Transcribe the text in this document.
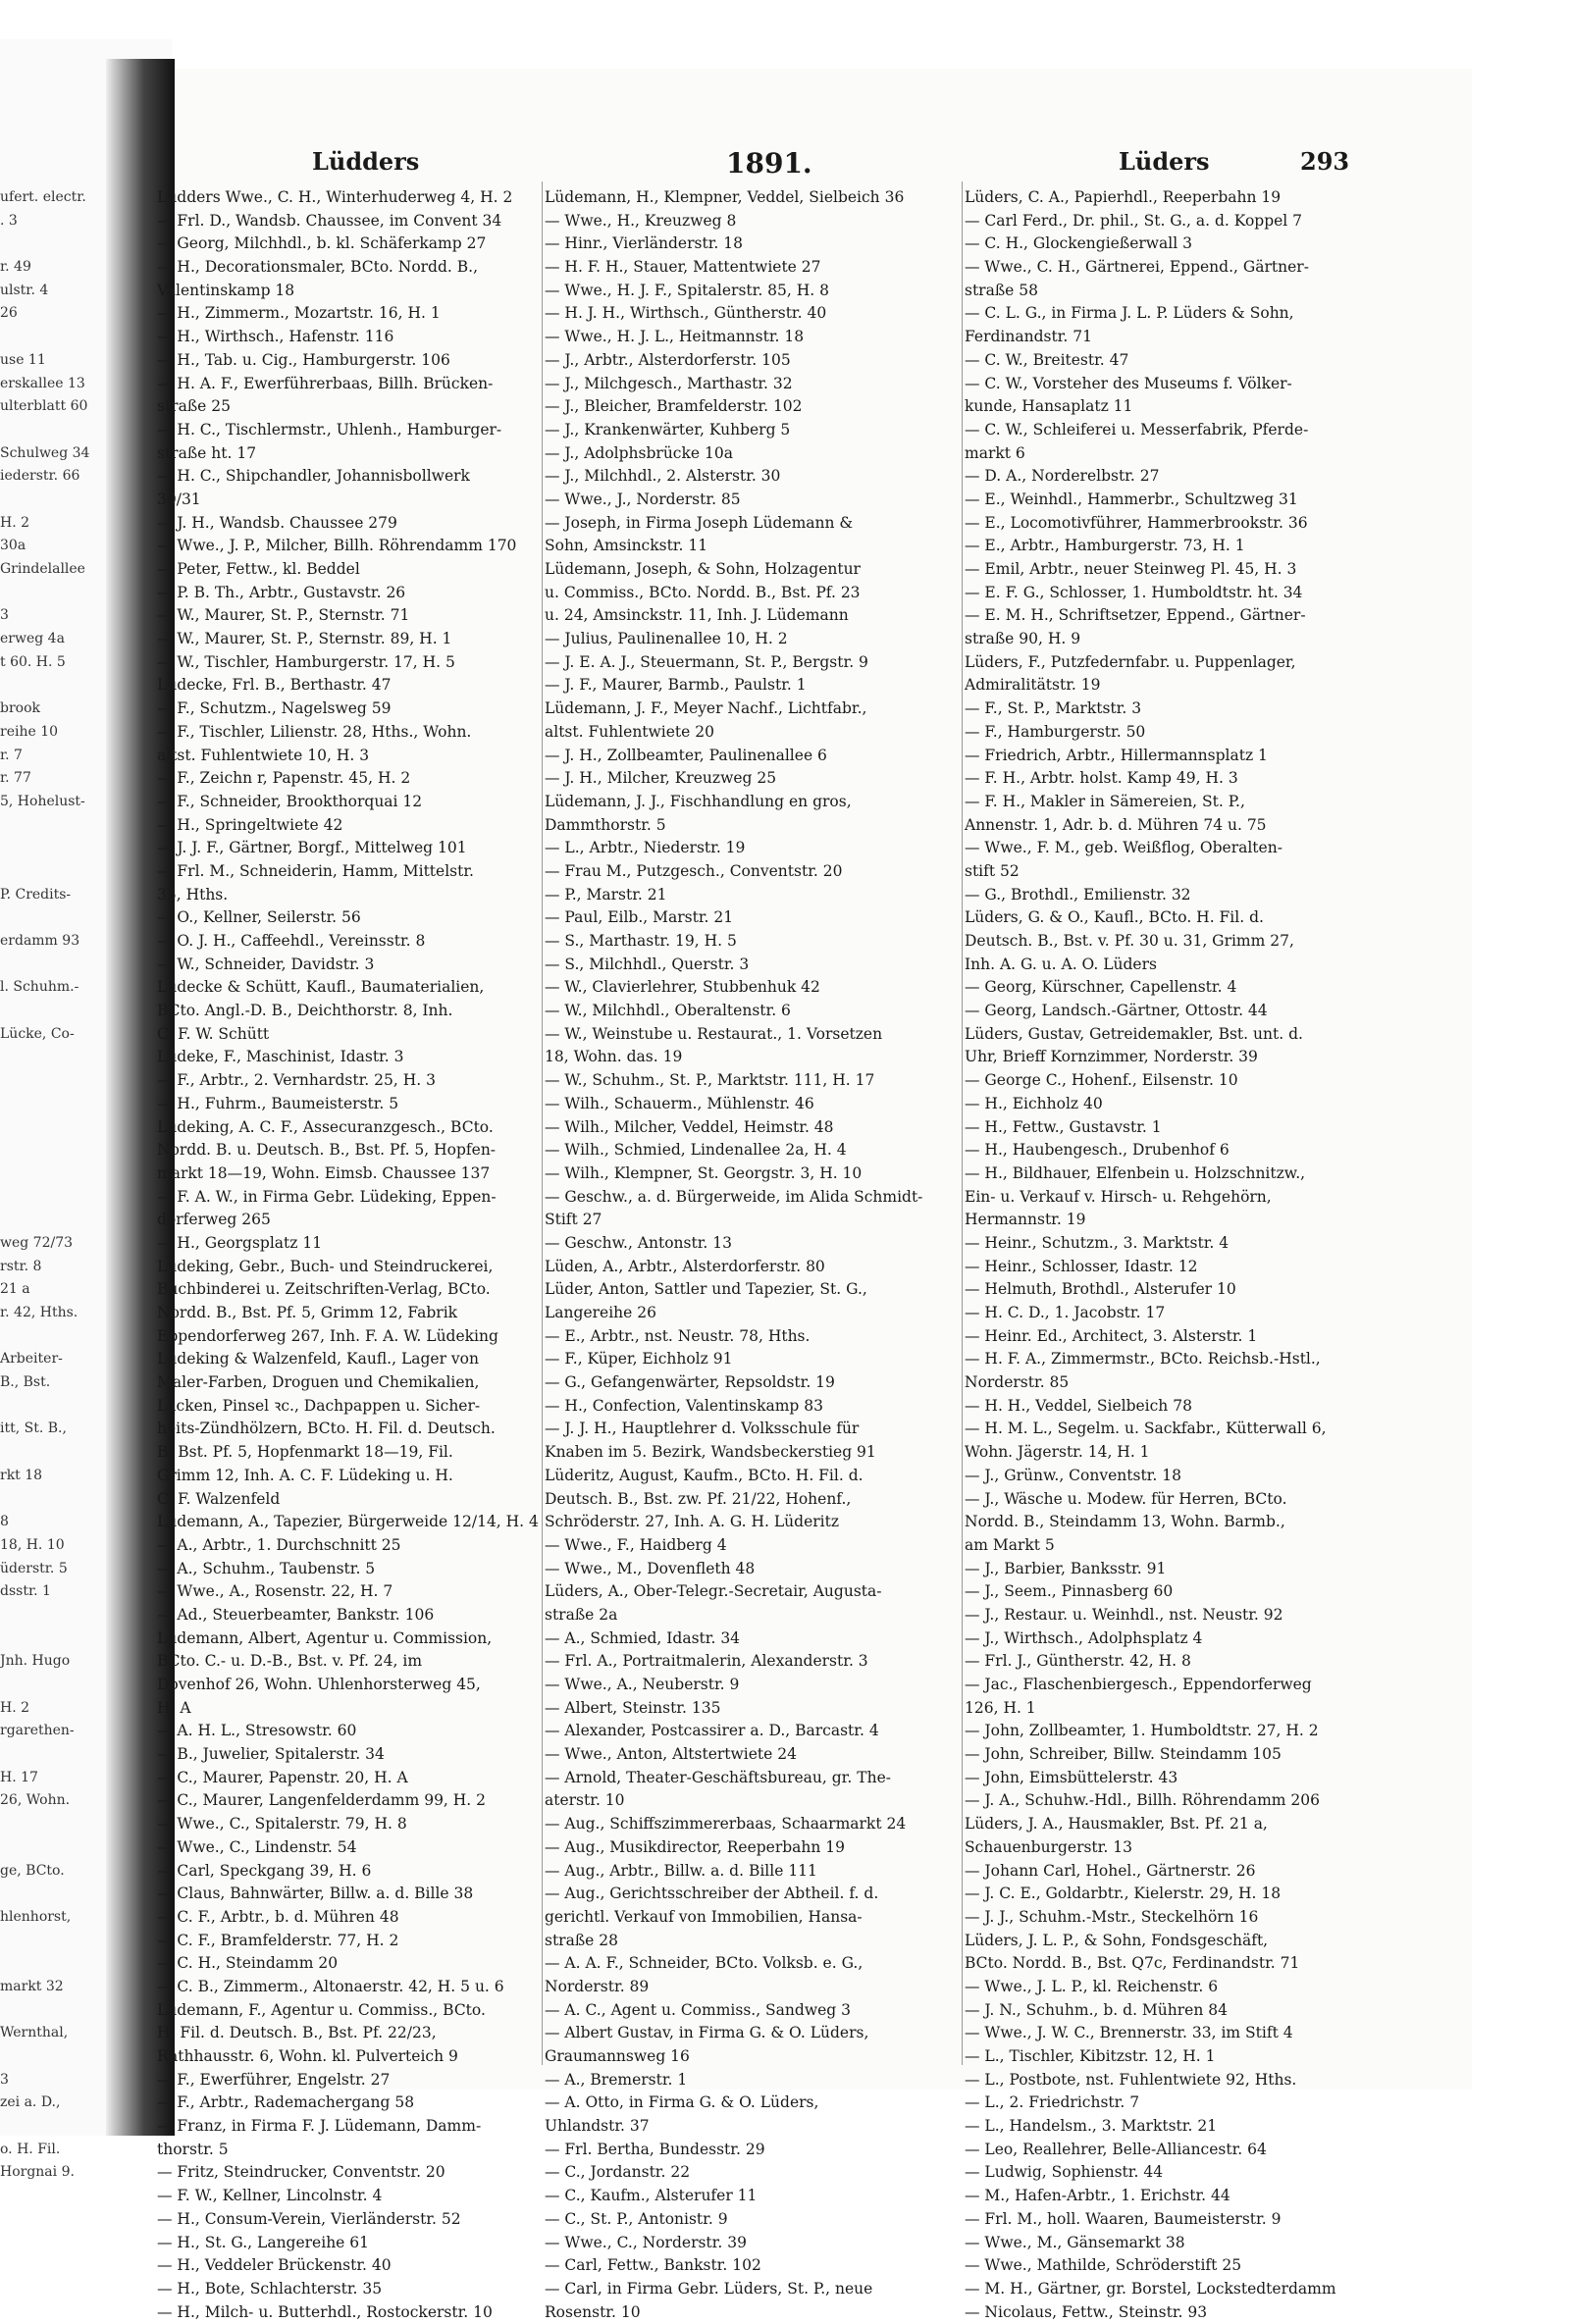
ufert. electr.
. 3
r. 49
ulstr. 4
26
use 11
erskallee 13
ulterblatt 60
Schulweg 34
iederstr. 66
H. 2
30a
Grindelallee
3
erweg 4a
t 60. H. 5
brook
reihe 10
r. 7
r. 77
5, Hohelust-
P. Credits-
erdamm 93
l. Schuhm.-
Lücke, Co-
weg 72/73
rstr. 8
21 a
r. 42, Hths.
Arbeiter-
B., Bst.
itt, St. B.,
rkt 18
8
18, H. 10
üderstr. 5
dsstr. 1
Jnh. Hugo
H. 2
rgarethen-
H. 17
26, Wohn.
ge, BCto.
hlenhorst,
markt 32
Wernthal,
3
zei a. D.,
o. H. Fil.
Horgnai 9.
Lüdders	1891.	Lüders	293
Lüdders Wwe., C. H., Winterhuderweg 4, H. 2
— Frl. D., Wandsb. Chaussee, im Convent 34
— Georg, Milchhdl., b. kl. Schäferkamp 27
— H., Decorationsmaler, BCto. Nordd. B.,
Valentinskamp 18
— H., Zimmerm., Mozartstr. 16, H. 1
— H., Wirthsch., Hafenstr. 116
— H., Tab. u. Cig., Hamburgerstr. 106
— H. A. F., Ewerführerbaas, Billh. Brücken-
straße 25
— H. C., Tischlermstr., Uhlenh., Hamburger-
straße ht. 17
— H. C., Shipchandler, Johannisbollwerk
30/31
— J. H., Wandsb. Chaussee 279
— Wwe., J. P., Milcher, Billh. Röhrendamm 170
— Peter, Fettw., kl. Beddel
— P. B. Th., Arbtr., Gustavstr. 26
— W., Maurer, St. P., Sternstr. 71
— W., Maurer, St. P., Sternstr. 89, H. 1
— W., Tischler, Hamburgerstr. 17, H. 5
Lüdecke, Frl. B., Berthastr. 47
— F., Schutzm., Nagelsweg 59
— F., Tischler, Lilienstr. 28, Hths., Wohn.
altst. Fuhlentwiete 10, H. 3
— F., Zeichn r, Papenstr. 45, H. 2
— F., Schneider, Brookthorquai 12
— H., Springeltwiete 42
— J. J. F., Gärtner, Borgf., Mittelweg 101
— Frl. M., Schneiderin, Hamm, Mittelstr.
35, Hths.
— O., Kellner, Seilerstr. 56
— O. J. H., Caffeehdl., Vereinsstr. 8
— W., Schneider, Davidstr. 3
Lüdecke & Schütt, Kaufl., Baumaterialien,
BCto. Angl.-D. B., Deichthorstr. 8, Inh.
C. F. W. Schütt
Lüdeke, F., Maschinist, Idastr. 3
— F., Arbtr., 2. Vernhardstr. 25, H. 3
— H., Fuhrm., Baumeisterstr. 5
Lüdeking, A. C. F., Assecuranzgesch., BCto.
Nordd. B. u. Deutsch. B., Bst. Pf. 5, Hopfen-
markt 18—19, Wohn. Eimsb. Chaussee 137
— F. A. W., in Firma Gebr. Lüdeking, Eppen-
dorferweg 265
— H., Georgsplatz 11
Lüdeking, Gebr., Buch- und Steindruckerei,
Buchbinderei u. Zeitschriften-Verlag, BCto.
Nordd. B., Bst. Pf. 5, Grimm 12, Fabrik
Eppendorferweg 267, Inh. F. A. W. Lüdeking
Lüdeking & Walzenfeld, Kaufl., Lager von
Maler-Farben, Droguen und Chemikalien,
Lacken, Pinsel ꝛc., Dachpappen u. Sicher-
heits-Zündhölzern, BCto. H. Fil. d. Deutsch.
B. Bst. Pf. 5, Hopfenmarkt 18—19, Fil.
Grimm 12, Inh. A. C. F. Lüdeking u. H.
C. F. Walzenfeld
Lüdemann, A., Tapezier, Bürgerweide 12/14, H. 4
— A., Arbtr., 1. Durchschnitt 25
— A., Schuhm., Taubenstr. 5
— Wwe., A., Rosenstr. 22, H. 7
— Ad., Steuerbeamter, Bankstr. 106
Lüdemann, Albert, Agentur u. Commission,
BCto. C.- u. D.-B., Bst. v. Pf. 24, im
Dovenhof 26, Wohn. Uhlenhorsterweg 45,
H. A
— A. H. L., Stresowstr. 60
— B., Juwelier, Spitalerstr. 34
— C., Maurer, Papenstr. 20, H. A
— C., Maurer, Langenfelderdamm 99, H. 2
— Wwe., C., Spitalerstr. 79, H. 8
— Wwe., C., Lindenstr. 54
— Carl, Speckgang 39, H. 6
— Claus, Bahnwärter, Billw. a. d. Bille 38
— C. F., Arbtr., b. d. Mühren 48
— C. F., Bramfelderstr. 77, H. 2
— C. H., Steindamm 20
— C. B., Zimmerm., Altonaerstr. 42, H. 5 u. 6
Lüdemann, F., Agentur u. Commiss., BCto.
H. Fil. d. Deutsch. B., Bst. Pf. 22/23,
Rathhausstr. 6, Wohn. kl. Pulverteich 9
— F., Ewerführer, Engelstr. 27
— F., Arbtr., Rademachergang 58
— Franz, in Firma F. J. Lüdemann, Damm-
thorstr. 5
— Fritz, Steindrucker, Conventstr. 20
— F. W., Kellner, Lincolnstr. 4
— H., Consum-Verein, Vierländerstr. 52
— H., St. G., Langereihe 61
— H., Veddeler Brückenstr. 40
— H., Bote, Schlachterstr. 35
— H., Milch- u. Butterhdl., Rostockerstr. 10
Lüdemann, H., Klempner, Veddel, Sielbeich 36
— Wwe., H., Kreuzweg 8
— Hinr., Vierländerstr. 18
— H. F. H., Stauer, Mattentwiete 27
— Wwe., H. J. F., Spitalerstr. 85, H. 8
— H. J. H., Wirthsch., Güntherstr. 40
— Wwe., H. J. L., Heitmannstr. 18
— J., Arbtr., Alsterdorferstr. 105
— J., Milchgesch., Marthastr. 32
— J., Bleicher, Bramfelderstr. 102
— J., Krankenwärter, Kuhberg 5
— J., Adolphsbrücke 10a
— J., Milchhdl., 2. Alsterstr. 30
— Wwe., J., Norderstr. 85
— Joseph, in Firma Joseph Lüdemann &
Sohn, Amsinckstr. 11
Lüdemann, Joseph, & Sohn, Holzagentur
u. Commiss., BCto. Nordd. B., Bst. Pf. 23
u. 24, Amsinckstr. 11, Inh. J. Lüdemann
— Julius, Paulinenallee 10, H. 2
— J. E. A. J., Steuermann, St. P., Bergstr. 9
— J. F., Maurer, Barmb., Paulstr. 1
Lüdemann, J. F., Meyer Nachf., Lichtfabr.,
altst. Fuhlentwiete 20
— J. H., Zollbeamter, Paulinenallee 6
— J. H., Milcher, Kreuzweg 25
Lüdemann, J. J., Fischhandlung en gros,
Dammthorstr. 5
— L., Arbtr., Niederstr. 19
— Frau M., Putzgesch., Conventstr. 20
— P., Marstr. 21
— Paul, Eilb., Marstr. 21
— S., Marthastr. 19, H. 5
— S., Milchhdl., Querstr. 3
— W., Clavierlehrer, Stubbenhuk 42
— W., Milchhdl., Oberaltenstr. 6
— W., Weinstube u. Restaurat., 1. Vorsetzen
18, Wohn. das. 19
— W., Schuhm., St. P., Marktstr. 111, H. 17
— Wilh., Schauerm., Mühlenstr. 46
— Wilh., Milcher, Veddel, Heimstr. 48
— Wilh., Schmied, Lindenallee 2a, H. 4
— Wilh., Klempner, St. Georgstr. 3, H. 10
— Geschw., a. d. Bürgerweide, im Alida Schmidt-
Stift 27
— Geschw., Antonstr. 13
Lüden, A., Arbtr., Alsterdorferstr. 80
Lüder, Anton, Sattler und Tapezier, St. G.,
Langereihe 26
— E., Arbtr., nst. Neustr. 78, Hths.
— F., Küper, Eichholz 91
— G., Gefangenwärter, Repsoldstr. 19
— H., Confection, Valentinskamp 83
— J. J. H., Hauptlehrer d. Volksschule für
Knaben im 5. Bezirk, Wandsbeckerstieg 91
Lüderitz, August, Kaufm., BCto. H. Fil. d.
Deutsch. B., Bst. zw. Pf. 21/22, Hohenf.,
Schröderstr. 27, Inh. A. G. H. Lüderitz
— Wwe., F., Haidberg 4
— Wwe., M., Dovenfleth 48
Lüders, A., Ober-Telegr.-Secretair, Augusta-
straße 2a
— A., Schmied, Idastr. 34
— Frl. A., Portraitmalerin, Alexanderstr. 3
— Wwe., A., Neuberstr. 9
— Albert, Steinstr. 135
— Alexander, Postcassirer a. D., Barcastr. 4
— Wwe., Anton, Altstertwiete 24
— Arnold, Theater-Geschäftsbureau, gr. The-
aterstr. 10
— Aug., Schiffszimmererbaas, Schaarmarkt 24
— Aug., Musikdirector, Reeperbahn 19
— Aug., Arbtr., Billw. a. d. Bille 111
— Aug., Gerichtsschreiber der Abtheil. f. d.
gerichtl. Verkauf von Immobilien, Hansa-
straße 28
— A. A. F., Schneider, BCto. Volksb. e. G.,
Norderstr. 89
— A. C., Agent u. Commiss., Sandweg 3
— Albert Gustav, in Firma G. & O. Lüders,
Graumannsweg 16
— A., Bremerstr. 1
— A. Otto, in Firma G. & O. Lüders,
Uhlandstr. 37
— Frl. Bertha, Bundesstr. 29
— C., Jordanstr. 22
— C., Kaufm., Alsterufer 11
— C., St. P., Antonistr. 9
— Wwe., C., Norderstr. 39
— Carl, Fettw., Bankstr. 102
— Carl, in Firma Gebr. Lüders, St. P., neue
Rosenstr. 10
Lüders, C. A., Papierhdl., Reeperbahn 19
— Carl Ferd., Dr. phil., St. G., a. d. Koppel 7
— C. H., Glockengießerwall 3
— Wwe., C. H., Gärtnerei, Eppend., Gärtner-
straße 58
— C. L. G., in Firma J. L. P. Lüders & Sohn,
Ferdinandstr. 71
— C. W., Breitestr. 47
— C. W., Vorsteher des Museums f. Völker-
kunde, Hansaplatz 11
— C. W., Schleiferei u. Messerfabrik, Pferde-
markt 6
— D. A., Norderelbstr. 27
— E., Weinhdl., Hammerbr., Schultzweg 31
— E., Locomotivführer, Hammerbrookstr. 36
— E., Arbtr., Hamburgerstr. 73, H. 1
— Emil, Arbtr., neuer Steinweg Pl. 45, H. 3
— E. F. G., Schlosser, 1. Humboldtstr. ht. 34
— E. M. H., Schriftsetzer, Eppend., Gärtner-
straße 90, H. 9
Lüders, F., Putzfedernfabr. u. Puppenlager,
Admiralitätstr. 19
— F., St. P., Marktstr. 3
— F., Hamburgerstr. 50
— Friedrich, Arbtr., Hillermannsplatz 1
— F. H., Arbtr. holst. Kamp 49, H. 3
— F. H., Makler in Sämereien, St. P.,
Annenstr. 1, Adr. b. d. Mühren 74 u. 75
— Wwe., F. M., geb. Weißflog, Oberalten-
stift 52
— G., Brothdl., Emilienstr. 32
Lüders, G. & O., Kaufl., BCto. H. Fil. d.
Deutsch. B., Bst. v. Pf. 30 u. 31, Grimm 27,
Inh. A. G. u. A. O. Lüders
— Georg, Kürschner, Capellenstr. 4
— Georg, Landsch.-Gärtner, Ottostr. 44
Lüders, Gustav, Getreidemakler, Bst. unt. d.
Uhr, Brieff Kornzimmer, Norderstr. 39
— George C., Hohenf., Eilsenstr. 10
— H., Eichholz 40
— H., Fettw., Gustavstr. 1
— H., Haubengesch., Drubenhof 6
— H., Bildhauer, Elfenbein u. Holzschnitzw.,
Ein- u. Verkauf v. Hirsch- u. Rehgehörn,
Hermannstr. 19
— Heinr., Schutzm., 3. Marktstr. 4
— Heinr., Schlosser, Idastr. 12
— Helmuth, Brothdl., Alsterufer 10
— H. C. D., 1. Jacobstr. 17
— Heinr. Ed., Architect, 3. Alsterstr. 1
— H. F. A., Zimmermstr., BCto. Reichsb.-Hstl.,
Norderstr. 85
— H. H., Veddel, Sielbeich 78
— H. M. L., Segelm. u. Sackfabr., Kütterwall 6,
Wohn. Jägerstr. 14, H. 1
— J., Grünw., Conventstr. 18
— J., Wäsche u. Modew. für Herren, BCto.
Nordd. B., Steindamm 13, Wohn. Barmb.,
am Markt 5
— J., Barbier, Banksstr. 91
— J., Seem., Pinnasberg 60
— J., Restaur. u. Weinhdl., nst. Neustr. 92
— J., Wirthsch., Adolphsplatz 4
— Frl. J., Güntherstr. 42, H. 8
— Jac., Flaschenbiergesch., Eppendorferweg
126, H. 1
— John, Zollbeamter, 1. Humboldtstr. 27, H. 2
— John, Schreiber, Billw. Steindamm 105
— John, Eimsbüttelerstr. 43
— J. A., Schuhw.-Hdl., Billh. Röhrendamm 206
Lüders, J. A., Hausmakler, Bst. Pf. 21 a,
Schauenburgerstr. 13
— Johann Carl, Hohel., Gärtnerstr. 26
— J. C. E., Goldarbtr., Kielerstr. 29, H. 18
— J. J., Schuhm.-Mstr., Steckelhörn 16
Lüders, J. L. P., & Sohn, Fondsgeschäft,
BCto. Nordd. B., Bst. Q7c, Ferdinandstr. 71
— Wwe., J. L. P., kl. Reichenstr. 6
— J. N., Schuhm., b. d. Mühren 84
— Wwe., J. W. C., Brennerstr. 33, im Stift 4
— L., Tischler, Kibitzstr. 12, H. 1
— L., Postbote, nst. Fuhlentwiete 92, Hths.
— L., 2. Friedrichstr. 7
— L., Handelsm., 3. Marktstr. 21
— Leo, Reallehrer, Belle-Alliancestr. 64
— Ludwig, Sophienstr. 44
— M., Hafen-Arbtr., 1. Erichstr. 44
— Frl. M., holl. Waaren, Baumeisterstr. 9
— Wwe., M., Gänsemarkt 38
— Wwe., Mathilde, Schröderstift 25
— M. H., Gärtner, gr. Borstel, Lockstedterdamm
— Nicolaus, Fettw., Steinstr. 93
